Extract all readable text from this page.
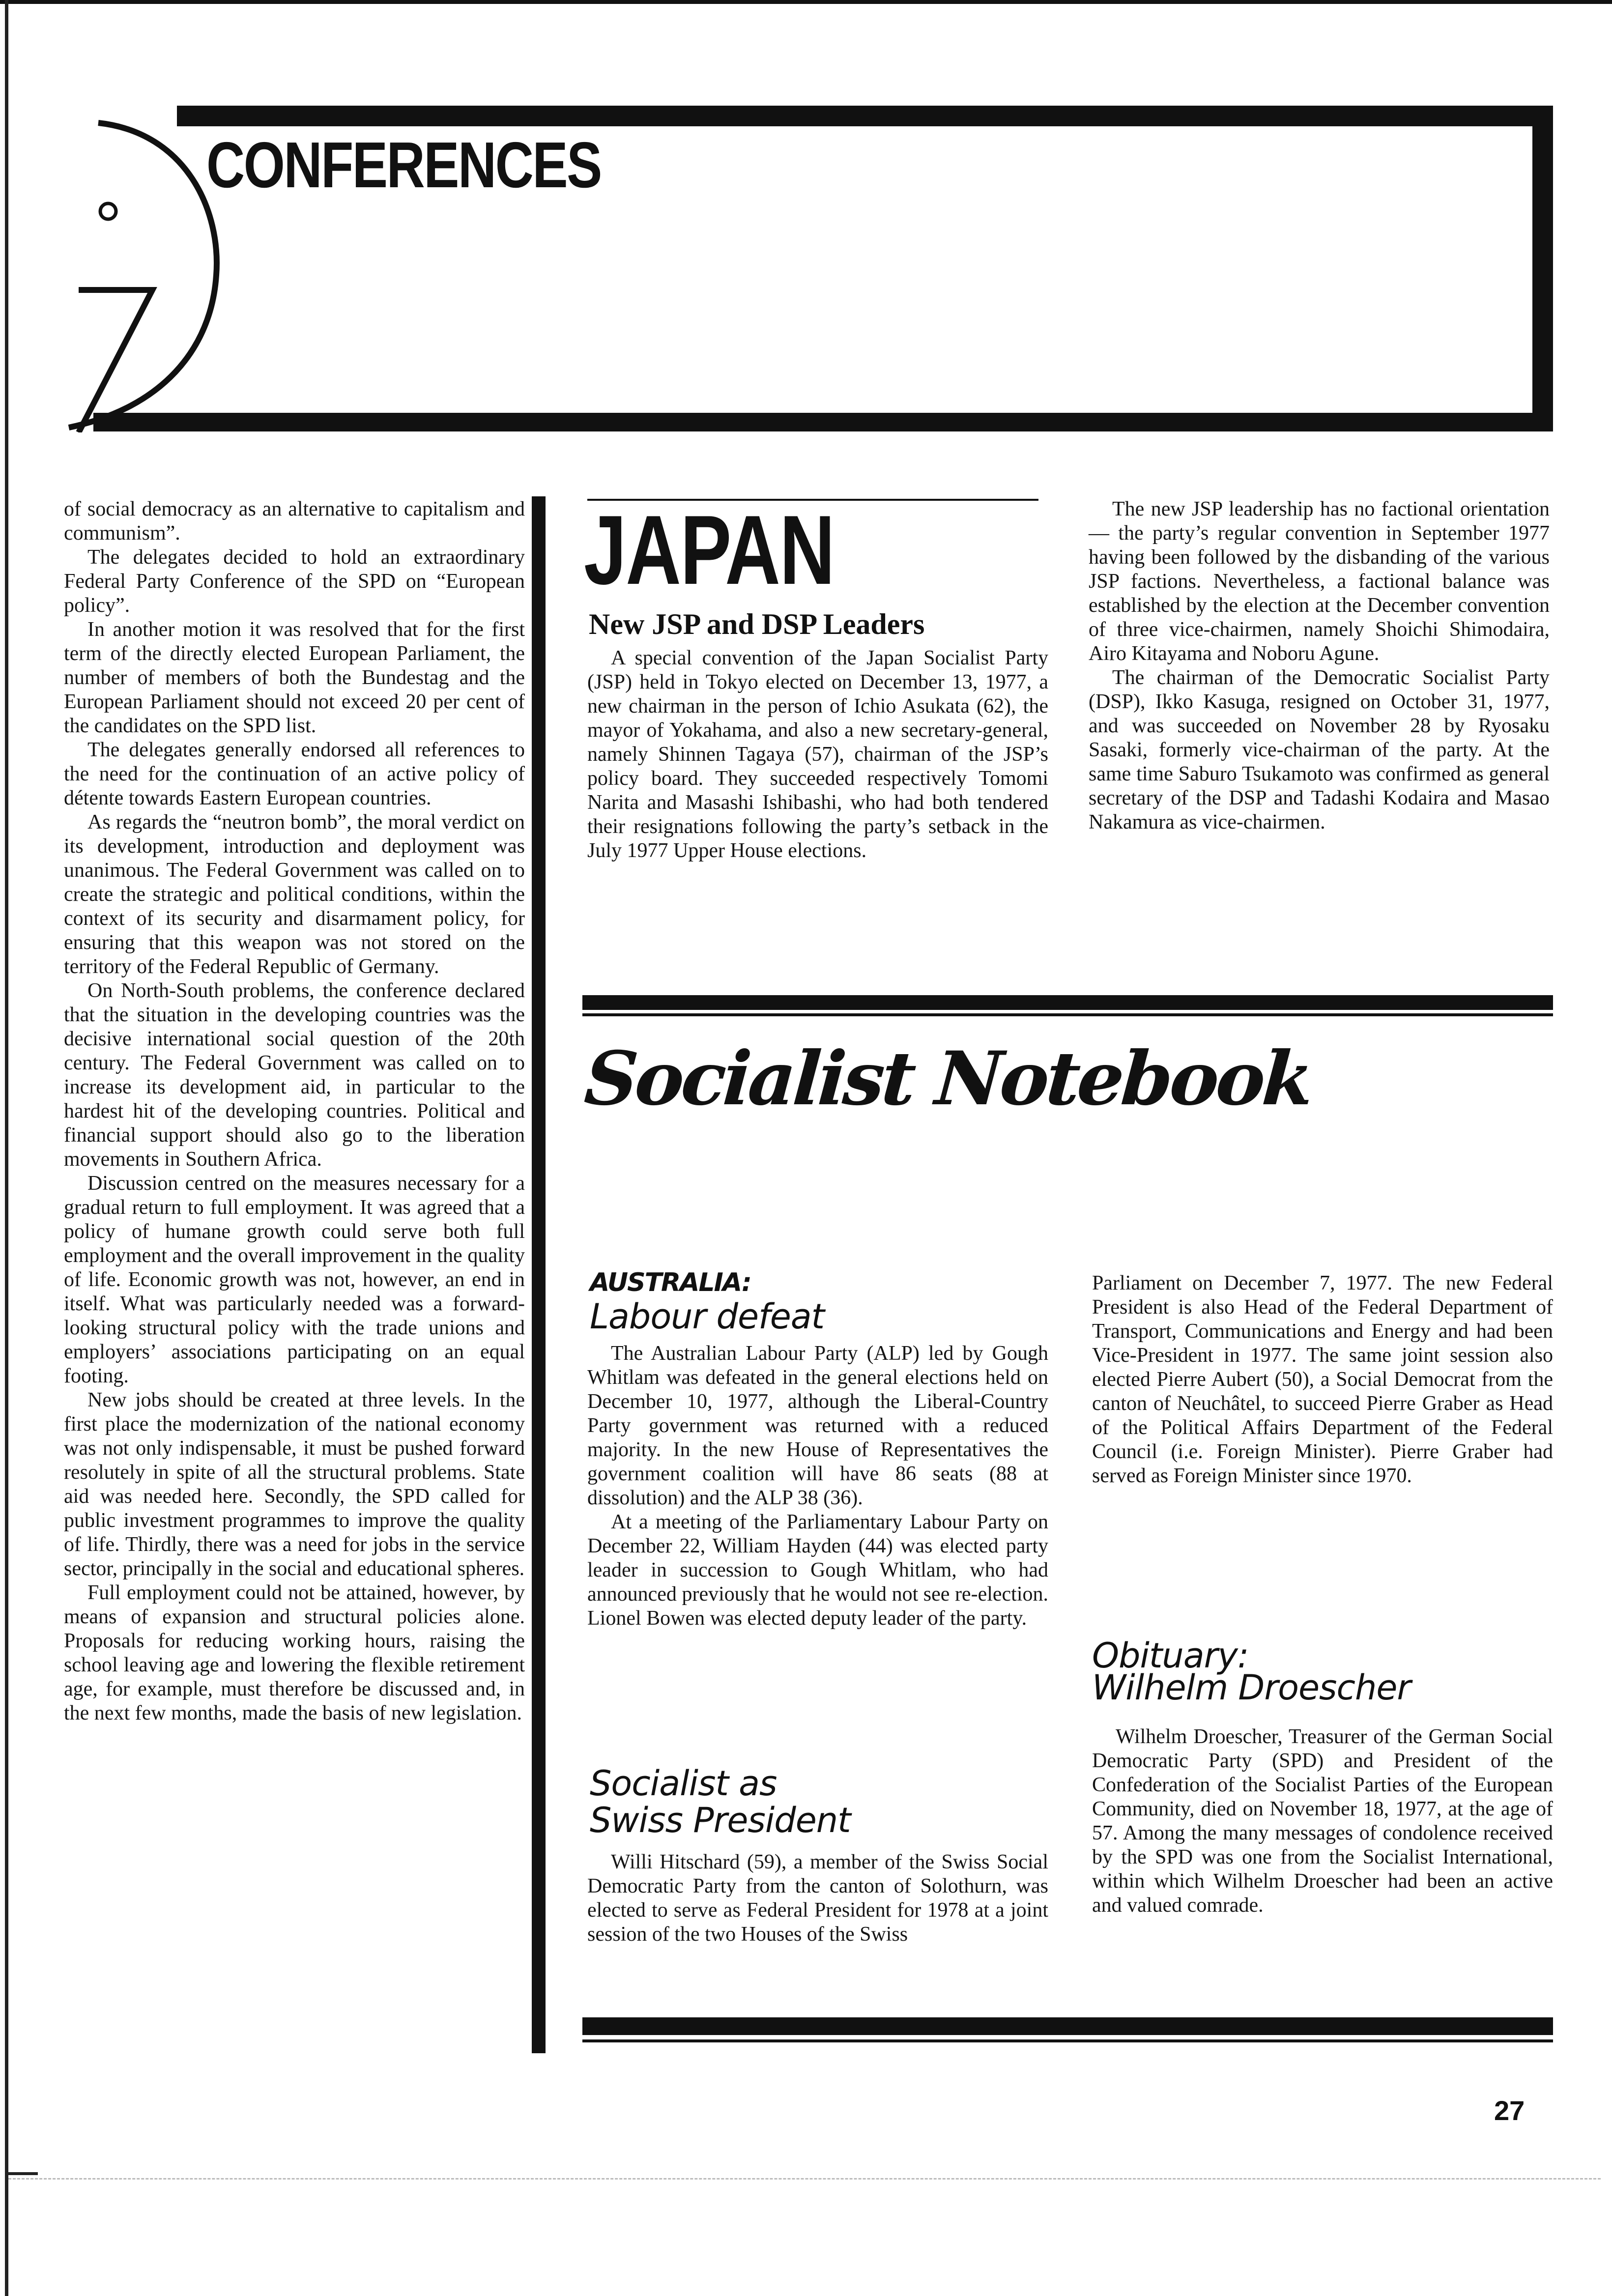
CONFERENCES

of social democracy as an alternative to capitalism and communism”.

The delegates decided to hold an extraordinary Federal Party Conference of the SPD on “European policy”.

In another motion it was resolved that for the first term of the directly elected European Parliament, the number of members of both the Bundestag and the European Parliament should not exceed 20 per cent of the candidates on the SPD list.

The delegates generally endorsed all references to the need for the continuation of an active policy of détente towards Eastern European countries.

As regards the “neutron bomb”, the moral verdict on its development, introduction and deployment was unanimous. The Federal Government was called on to create the strategic and political conditions, within the context of its security and disarmament policy, for ensuring that this weapon was not stored on the territory of the Federal Republic of Germany.

On North-South problems, the conference declared that the situation in the developing countries was the decisive international social question of the 20th century. The Federal Government was called on to increase its development aid, in particular to the hardest hit of the developing countries. Political and financial support should also go to the liberation movements in Southern Africa.

Discussion centred on the measures necessary for a gradual return to full employment. It was agreed that a policy of humane growth could serve both full employment and the overall improvement in the quality of life. Economic growth was not, however, an end in itself. What was particularly needed was a forward-looking structural policy with the trade unions and employers’ associations participating on an equal footing.

New jobs should be created at three levels. In the first place the modernization of the national economy was not only indispensable, it must be pushed forward resolutely in spite of all the structural problems. State aid was needed here. Secondly, the SPD called for public investment programmes to improve the quality of life. Thirdly, there was a need for jobs in the service sector, principally in the social and educational spheres.

Full employment could not be attained, however, by means of expansion and structural policies alone. Proposals for reducing working hours, raising the school leaving age and lowering the flexible retirement age, for example, must therefore be discussed and, in the next few months, made the basis of new legislation.

JAPAN
New JSP and DSP Leaders

A special convention of the Japan Socialist Party (JSP) held in Tokyo elected on December 13, 1977, a new chairman in the person of Ichio Asukata (62), the mayor of Yokahama, and also a new secretary-general, namely Shinnen Tagaya (57), chairman of the JSP’s policy board. They succeeded respectively Tomomi Narita and Masashi Ishibashi, who had both tendered their resignations following the party’s setback in the July 1977 Upper House elections.

The new JSP leadership has no factional orientation — the party’s regular convention in September 1977 having been followed by the disbanding of the various JSP factions. Nevertheless, a factional balance was established by the election at the December convention of three vice-chairmen, namely Shoichi Shimodaira, Airo Kitayama and Noboru Agune.

The chairman of the Democratic Socialist Party (DSP), Ikko Kasuga, resigned on October 31, 1977, and was succeeded on November 28 by Ryosaku Sasaki, formerly vice-chairman of the party. At the same time Saburo Tsukamoto was confirmed as general secretary of the DSP and Tadashi Kodaira and Masao Nakamura as vice-chairmen.

Socialist Notebook
AUSTRALIA:
Labour defeat

The Australian Labour Party (ALP) led by Gough Whitlam was defeated in the general elections held on December 10, 1977, although the Liberal-Country Party government was returned with a reduced majority. In the new House of Representatives the government coalition will have 86 seats (88 at dissolution) and the ALP 38 (36).

At a meeting of the Parliamentary Labour Party on December 22, William Hayden (44) was elected party leader in succession to Gough Whitlam, who had announced previously that he would not see re-election. Lionel Bowen was elected deputy leader of the party.

Socialist as
Swiss President

Willi Hitschard (59), a member of the Swiss Social Democratic Party from the canton of Solothurn, was elected to serve as Federal President for 1978 at a joint session of the two Houses of the Swiss

Parliament on December 7, 1977. The new Federal President is also Head of the Federal Department of Transport, Communications and Energy and had been Vice-President in 1977. The same joint session also elected Pierre Aubert (50), a Social Democrat from the canton of Neuchâtel, to succeed Pierre Graber as Head of the Political Affairs Department of the Federal Council (i.e. Foreign Minister). Pierre Graber had served as Foreign Minister since 1970.

Obituary:
Wilhelm Droescher

Wilhelm Droescher, Treasurer of the German Social Democratic Party (SPD) and President of the Confederation of the Socialist Parties of the European Community, died on November 18, 1977, at the age of 57. Among the many messages of condolence received by the SPD was one from the Socialist International, within which Wilhelm Droescher had been an active and valued comrade.

27
